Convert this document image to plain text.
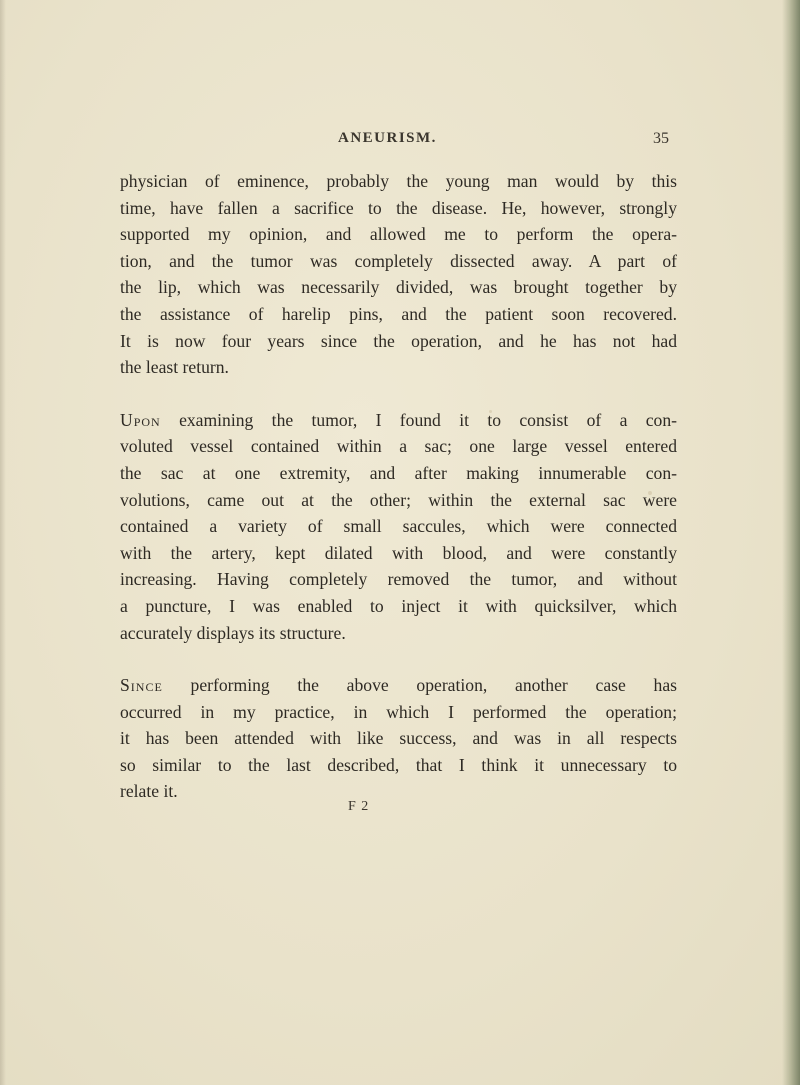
ANEURISM.	35

physician of eminence, probably the young man would by this
time, have fallen a sacrifice to the disease. He, however, strongly
supported my opinion, and allowed me to perform the opera-
tion, and the tumor was completely dissected away. A part of
the lip, which was necessarily divided, was brought together by
the assistance of harelip pins, and the patient soon recovered.
It is now four years since the operation, and he has not had
the least return.

Upon examining the tumor, I found it to consist of a con-
voluted vessel contained within a sac; one large vessel entered
the sac at one extremity, and after making innumerable con-
volutions, came out at the other; within the external sac were
contained a variety of small saccules, which were connected
with the artery, kept dilated with blood, and were constantly
increasing. Having completely removed the tumor, and without
a puncture, I was enabled to inject it with quicksilver, which
accurately displays its structure.

Since performing the above operation, another case has
occurred in my practice, in which I performed the operation;
it has been attended with like success, and was in all respects
so similar to the last described, that I think it unnecessary to
relate it.

F 2
